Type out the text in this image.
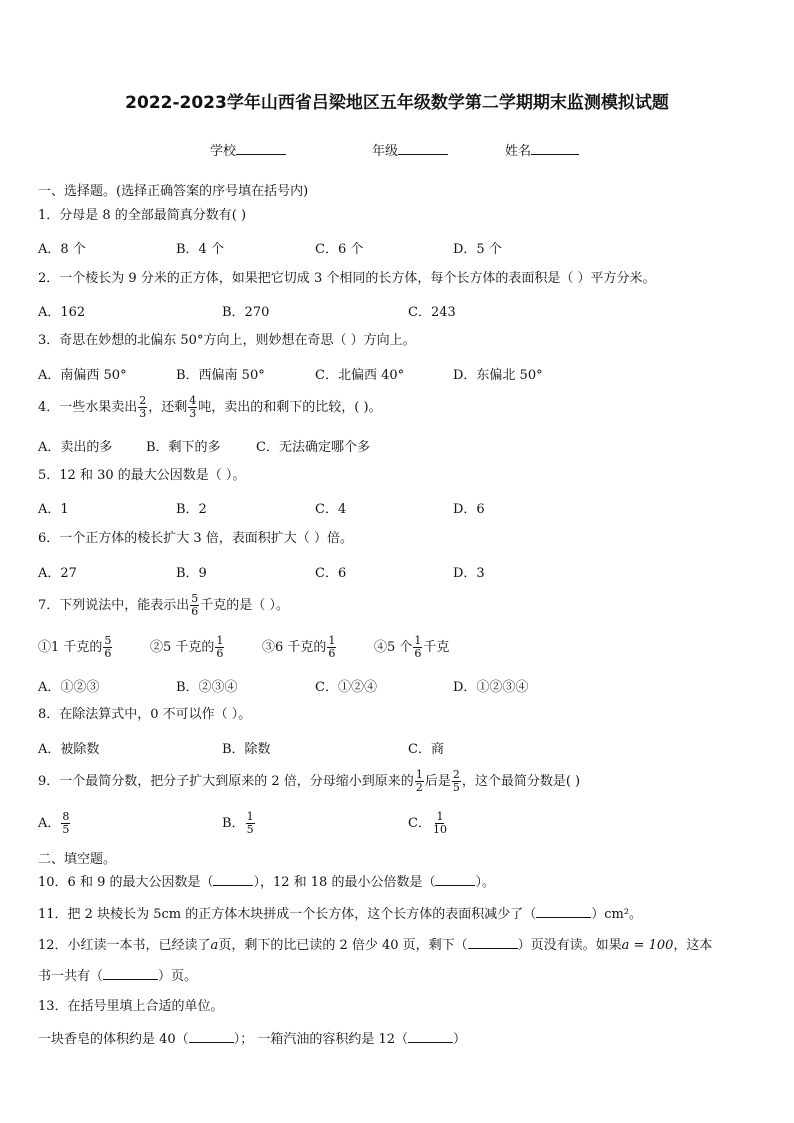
2022-2023学年山西省吕梁地区五年级数学第二学期期末监测模拟试题
学校	年级	姓名
一、选择题。(选择正确答案的序号填在括号内)
1．分母是 8 的全部最简真分数有( )
A．8 个	B．4 个	C．6 个	D．5 个
2．一个棱长为 9 分米的正方体，如果把它切成 3 个相同的长方体，每个长方体的表面积是（ ）平方分米。
A．162	B．270	C．243
3．奇思在妙想的北偏东 50°方向上，则妙想在奇思（ ）方向上。
A．南偏西 50°	B．西偏南 50°	C．北偏西 40°	D．东偏北 50°
4．一些水果卖出 $\frac{2}{3}$ ，还剩 $\frac{4}{3}$ 吨，卖出的和剩下的比较，( )。
A．卖出的多	B．剩下的多	C．无法确定哪个多
5．12 和 30 的最大公因数是（ ）。
A．1	B．2	C．4	D．6
6．一个正方体的棱长扩大 3 倍，表面积扩大（ ）倍。
A．27	B．9	C．6	D．3
7．下列说法中，能表示出 $\frac{5}{6}$ 千克的是（ ）。
①1 千克的 $\frac{5}{6}$	②5 千克的 $\frac{1}{6}$	③6 千克的 $\frac{1}{6}$	④5 个 $\frac{1}{6}$ 千克
A．①②③	B．②③④	C．①②④	D．①②③④
8．在除法算式中，0 不可以作（ ）。
A．被除数	B．除数	C．商
9．一个最简分数，把分子扩大到原来的 2 倍，分母缩小到原来的 $\frac{1}{2}$ 后是 $\frac{2}{5}$ ，这个最简分数是( )
A． $\frac{8}{5}$	B． $\frac{1}{5}$	C． $\frac{1}{10}$
二、填空题。
10．6 和 9 的最大公因数是（	），12 和 18 的最小公倍数是（	）。
11．把 2 块棱长为 5cm 的正方体木块拼成一个长方体，这个长方体的表面积减少了（	）cm²。
12．小红读一本书，已经读了a页，剩下的比已读的 2 倍少 40 页，剩下（	）页没有读。如果a = 100，这本
书一共有（	）页。
13．在括号里填上合适的单位。
一块香皂的体积约是 40（	）； 一箱汽油的容积约是 12（	）
